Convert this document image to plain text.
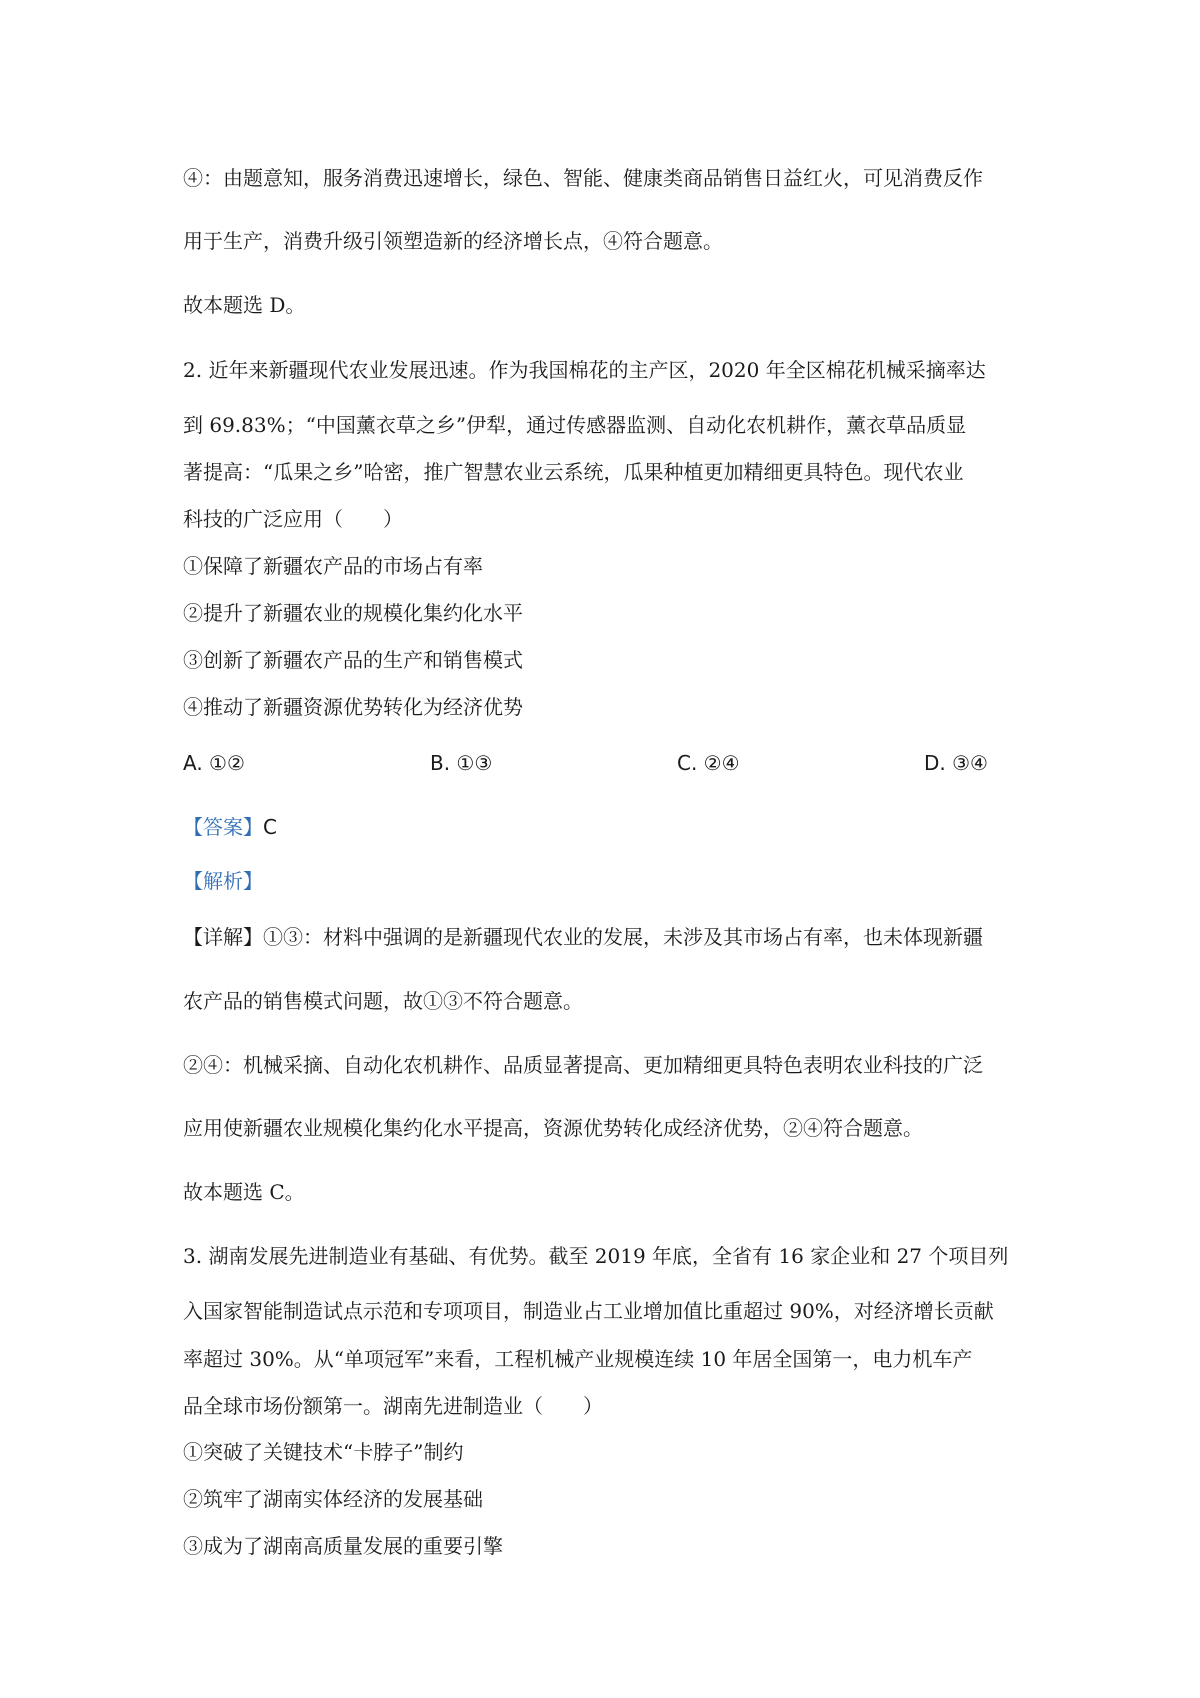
④：由题意知，服务消费迅速增长，绿色、智能、健康类商品销售日益红火，可见消费反作
用于生产，消费升级引领塑造新的经济增长点，④符合题意。
故本题选 D。
2. 近年来新疆现代农业发展迅速。作为我国棉花的主产区，2020 年全区棉花机械采摘率达
到 69.83%；“中国薰衣草之乡”伊犁，通过传感器监测、自动化农机耕作，薰衣草品质显
著提高：“瓜果之乡”哈密，推广智慧农业云系统，瓜果种植更加精细更具特色。现代农业
科技的广泛应用（　　）
①保障了新疆农产品的市场占有率
②提升了新疆农业的规模化集约化水平
③创新了新疆农产品的生产和销售模式
④推动了新疆资源优势转化为经济优势
A. ①②	B. ①③	C. ②④	D. ③④
【答案】C
【解析】
【详解】①③：材料中强调的是新疆现代农业的发展，未涉及其市场占有率，也未体现新疆
农产品的销售模式问题，故①③不符合题意。
②④：机械采摘、自动化农机耕作、品质显著提高、更加精细更具特色表明农业科技的广泛
应用使新疆农业规模化集约化水平提高，资源优势转化成经济优势，②④符合题意。
故本题选 C。
3. 湖南发展先进制造业有基础、有优势。截至 2019 年底，全省有 16 家企业和 27 个项目列
入国家智能制造试点示范和专项项目，制造业占工业增加值比重超过 90%，对经济增长贡献
率超过 30%。从“单项冠军”来看，工程机械产业规模连续 10 年居全国第一，电力机车产
品全球市场份额第一。湖南先进制造业（　　）
①突破了关键技术“卡脖子”制约
②筑牢了湖南实体经济的发展基础
③成为了湖南高质量发展的重要引擎
